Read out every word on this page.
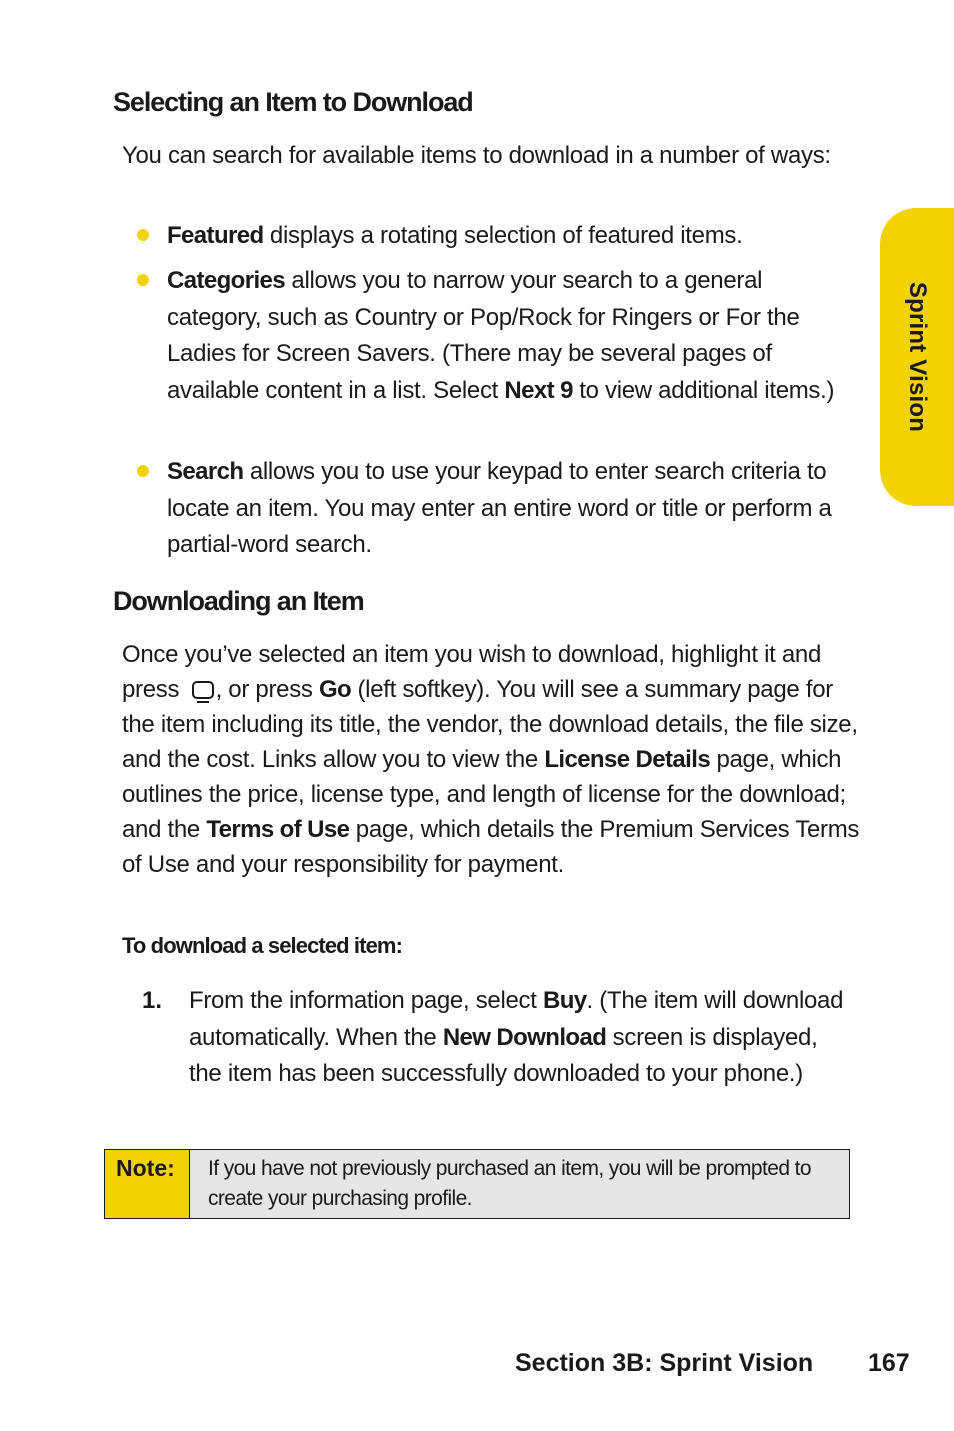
Selecting an Item to Download

You can search for available items to download in a number of ways:

Featured displays a rotating selection of featured items.

Categories allows you to narrow your search to a general category, such as Country or Pop/Rock for Ringers or For the Ladies for Screen Savers. (There may be several pages of available content in a list. Select Next 9 to view additional items.)

Search allows you to use your keypad to enter search criteria to locate an item. You may enter an entire word or title or perform a partial-word search.

Downloading an Item

Once you’ve selected an item you wish to download, highlight it and press , or press Go (left softkey). You will see a summary page for the item including its title, the vendor, the download details, the file size, and the cost. Links allow you to view the License Details page, which outlines the price, license type, and length of license for the download; and the Terms of Use page, which details the Premium Services Terms of Use and your responsibility for payment.

To download a selected item:
1. From the information page, select Buy. (The item will download automatically. When the New Download screen is displayed, the item has been successfully downloaded to your phone.)

Note:	If you have not previously purchased an item, you will be prompted to create your purchasing profile.
Sprint Vision
Section 3B: Sprint Vision 167
